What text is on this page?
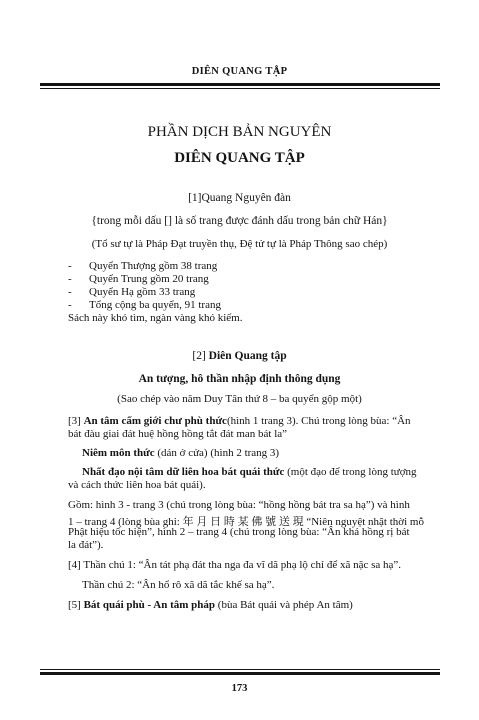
DIÊN QUANG TẬP
PHẦN DỊCH BẢN NGUYÊN
DIÊN QUANG TẬP
[1]Quang Nguyên đàn
{trong mỗi dấu [] là số trang được đánh dấu trong bản chữ Hán}
(Tổ sư tự là Pháp Đạt truyền thụ, Đệ tử tự là Pháp Thông sao chép)
- Quyển Thượng gồm 38 trang
- Quyển Trung gồm 20 trang
- Quyển Hạ gồm 33 trang
- Tổng cộng ba quyển, 91 trang
Sách này khó tìm, ngàn vàng khó kiếm.
[2] Diên Quang tập
An tượng, hô thần nhập định thông dụng
(Sao chép vào năm Duy Tân thứ 8 – ba quyển gộp một)
[3] An tâm cấm giới chư phù thức(hình 1 trang 3). Chú trong lòng bùa: “Ân
bát đàu giai đát huệ hồng hồng tắt đát man bát la”
Niêm môn thức (dán ở cửa) (hình 2 trang 3)
Nhất đạo nội tâm dữ liên hoa bát quái thức (một đạo để trong lòng tượng
và cách thức liên hoa bát quái).
Gồm: hình 3 - trang 3 (chú trong lòng bùa: “hồng hồng bát tra sa hạ”) và hình
1 – trang 4 (lòng bùa ghi: 年 月 日 時 某 佛 號 送 現 “Niên nguyệt nhật thời mỗ
Phật hiệu tốc hiện”, hình 2 – trang 4 (chú trong lòng bùa: “Ân khá hồng rị bát
la đát”).
[4] Thần chú 1: “Ân tát phạ đát tha nga đa vĩ dã phạ lộ chỉ để xã nặc sa hạ”.
Thần chú 2: “Ân hổ rô xã dã tắc khế sa hạ”.
[5] Bát quái phù - An tâm pháp (bùa Bát quái và phép An tâm)
173
